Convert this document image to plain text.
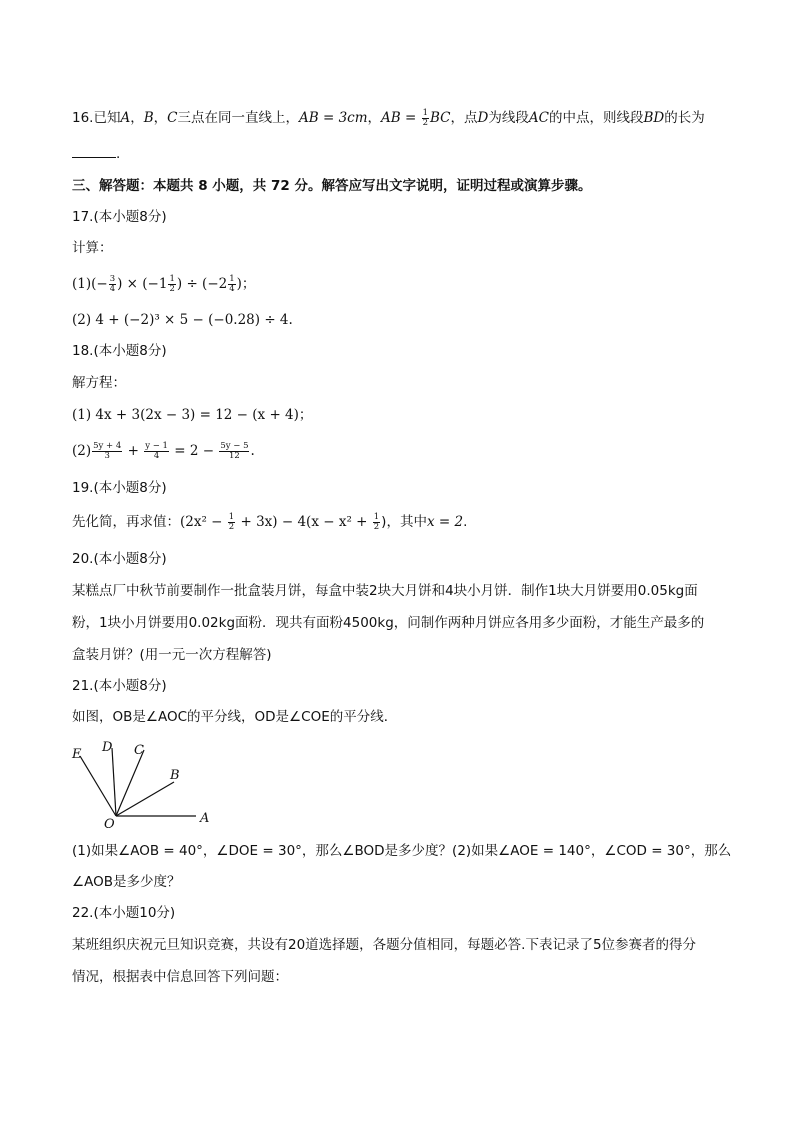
16.已知A，B，C三点在同一直线上，AB = 3cm，AB = $\frac{1}{2}$ BC，点D为线段AC的中点，则线段BD的长为
.
三、解答题：本题共 8 小题，共 72 分。解答应写出文字说明，证明过程或演算步骤。
17.(本小题8分)
计算：
$(1)(- \frac{3}{4}$ ) × ($-1 \frac{1}{2}$ ) ÷ ($-2 \frac{1}{4}$ )；
(2) 4 + (−2)³ × 5 − (−0.28) ÷ 4.
18.(本小题8分)
解方程：
(1) 4x + 3(2x − 3) = 12 − (x + 4)；
$(2) \frac{5y + 4}{3} + \frac{y - 1}{4} = 2 - \frac{5y - 5}{12}$ .
19.(本小题8分)
先化简，再求值：$(2x^2 - \frac{1}{2} + 3x) - 4(x - x^2 + \frac{1}{2}$ )，其中x = 2.
20.(本小题8分)
某糕点厂中秋节前要制作一批盒装月饼，每盒中装2块大月饼和4块小月饼．制作1块大月饼要用0.05kg面
粉，1块小月饼要用0.02kg面粉．现共有面粉4500kg，问制作两种月饼应各用多少面粉，才能生产最多的
盒装月饼？(用一元一次方程解答)
21.(本小题8分)
如图，OB是∠AOC的平分线，OD是∠COE的平分线．
E D C
B
O	A
(1)如果∠AOB = 40°，∠DOE = 30°，那么∠BOD是多少度？(2)如果∠AOE = 140°，∠COD = 30°，那么
∠AOB是多少度？
22.(本小题10分)
某班组织庆祝元旦知识竞赛，共设有20道选择题，各题分值相同，每题必答.下表记录了5位参赛者的得分
情况，根据表中信息回答下列问题：
